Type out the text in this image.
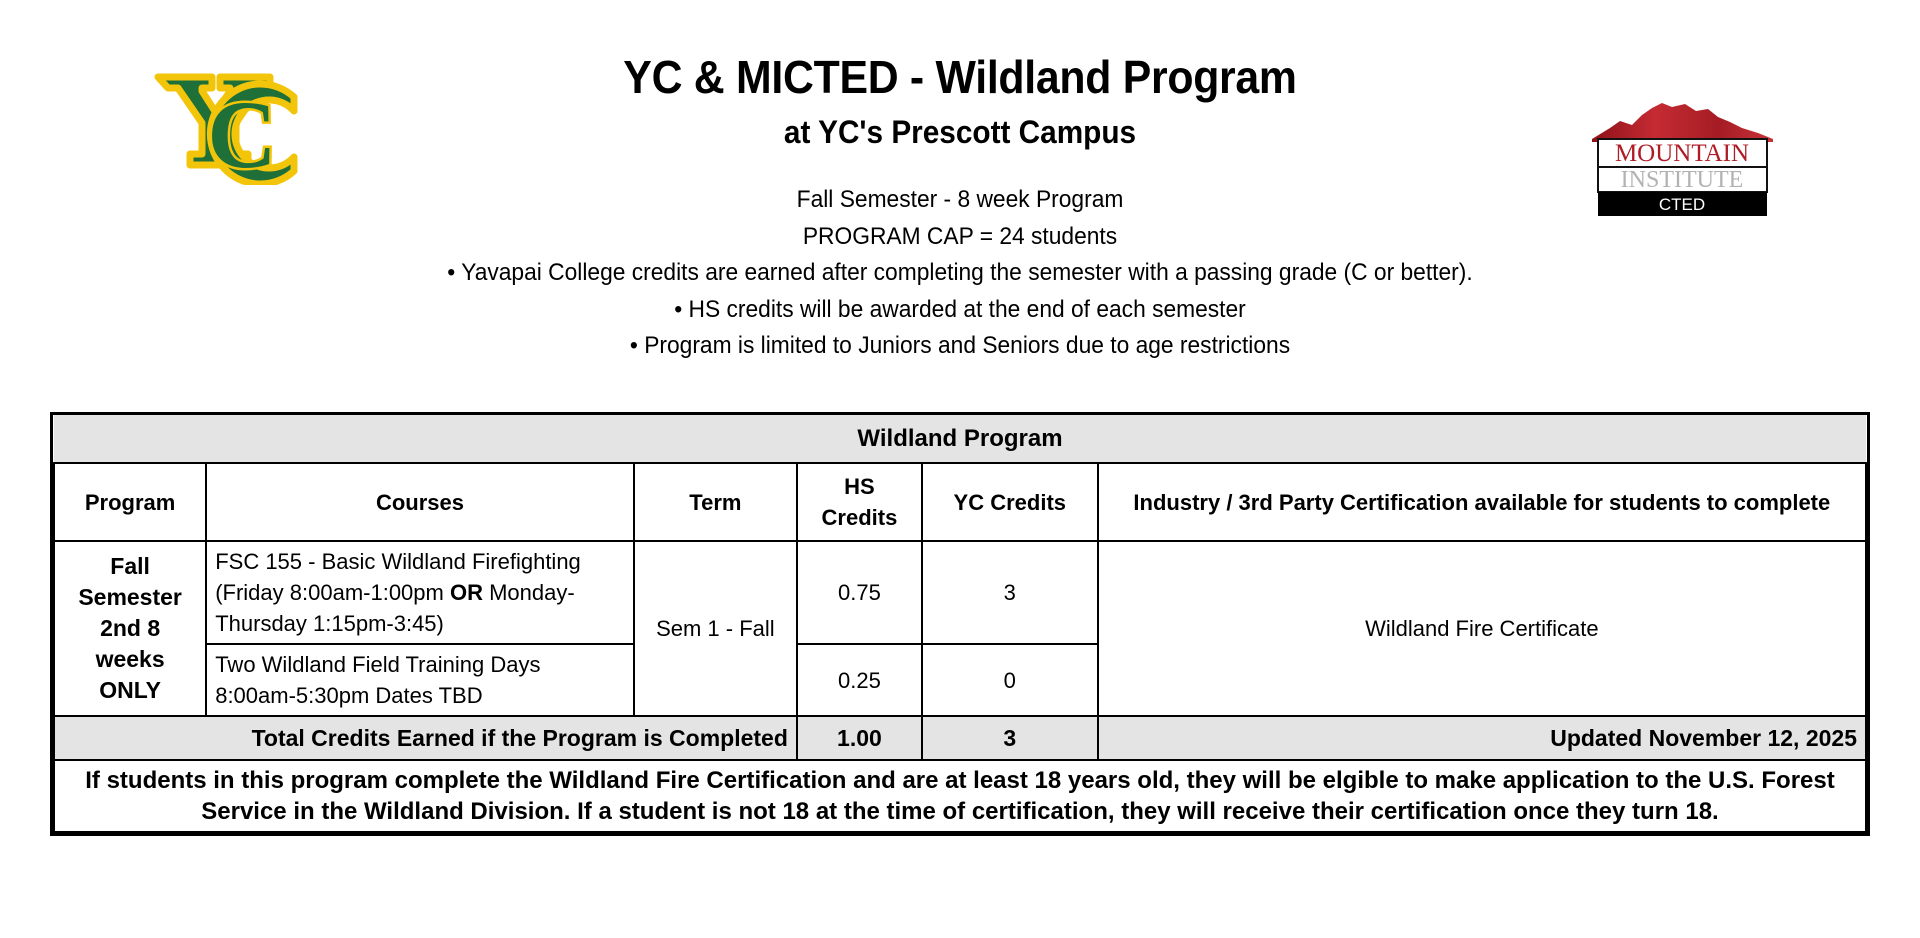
C	MOUNTAIN
INSTITUTE
CTED
YC & MICTED - Wildland Program
at YC's Prescott Campus
Fall Semester - 8 week Program
PROGRAM CAP = 24 students
• Yavapai College credits are earned after completing the semester with a passing grade (C or better).
• HS credits will be awarded at the end of each semester
• Program is limited to Juniors and Seniors due to age restrictions
Wildland Program					
Program	Courses	Term	HS Credits	YC Credits	Industry / 3rd Party Certification available for students to complete
Fall Semester 2nd 8 weeks ONLY	FSC 155 - Basic Wildland Firefighting (Friday 8:00am-1:00pm OR Monday-Thursday 1:15pm-3:45)	Sem 1 - Fall	0.75	3	Wildland Fire Certificate
	Two Wildland Field Training Days 8:00am-5:30pm Dates TBD		0.25	0	
Total Credits Earned if the Program is Completed			1.00	3	Updated November 12, 2025
If students in this program complete the Wildland Fire Certification and are at least 18 years old, they will be elgible to make application to the U.S. Forest Service in the Wildland Division. If a student is not 18 at the time of certification, they will receive their certification once they turn 18.					
